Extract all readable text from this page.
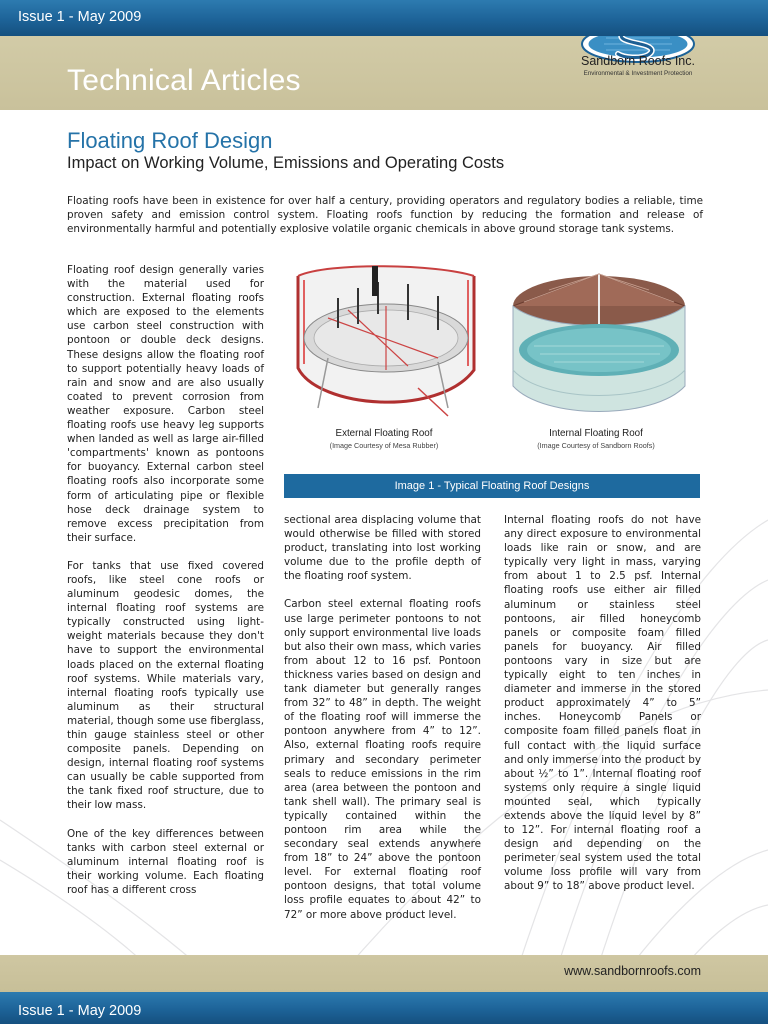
Issue 1 - May 2009
Technical Articles
Sandborn Roofs Inc.
Environmental & Investment Protection
Floating Roof Design
Impact on Working Volume, Emissions and Operating Costs
Floating roofs have been in existence for over half a century, providing operators and regulatory bodies a reliable, time proven safety and emission control system. Floating roofs function by reducing the formation and release of environmentally harmful and potentially explosive volatile organic chemicals in above ground storage tank systems.

Floating roof design generally varies with the material used for construction. External floating roofs which are exposed to the elements use carbon steel construction with pontoon or double deck designs. These designs allow the floating roof to support potentially heavy loads of rain and snow and are also usually coated to prevent corrosion from weather exposure. Carbon steel floating roofs use heavy leg supports when landed as well as large air-filled 'compartments' known as pontoons for buoyancy. External carbon steel floating roofs also incorporate some form of articulating pipe or flexible hose deck drainage system to remove excess precipitation from their surface.

For tanks that use fixed covered roofs, like steel cone roofs or aluminum geodesic domes, the internal floating roof systems are typically constructed using light-weight materials because they don't have to support the environmental loads placed on the external floating roof systems. While materials vary, internal floating roofs typically use aluminum as their structural material, though some use fiberglass, thin gauge stainless steel or other composite panels. Depending on design, internal floating roof systems can usually be cable supported from the tank fixed roof structure, due to their low mass.

One of the key differences between tanks with carbon steel external or aluminum internal floating roof is their working volume. Each floating roof has a different cross

External Floating Roof
(Image Courtesy of Mesa Rubber)
Internal Floating Roof
(Image Courtesy of Sandborn Roofs)
Image 1 - Typical Floating Roof Designs

sectional area displacing volume that would otherwise be filled with stored product, translating into lost working volume due to the profile depth of the floating roof system.

Carbon steel external floating roofs use large perimeter pontoons to not only support environmental live loads but also their own mass, which varies from about 12 to 16 psf. Pontoon thickness varies based on design and tank diameter but generally ranges from 32” to 48” in depth. The weight of the floating roof will immerse the pontoon anywhere from 4” to 12”. Also, external floating roofs require primary and secondary perimeter seals to reduce emissions in the rim area (area between the pontoon and tank shell wall). The primary seal is typically contained within the pontoon rim area while the secondary seal extends anywhere from 18” to 24” above the pontoon level. For external floating roof pontoon designs, that total volume loss profile equates to about 42” to 72” or more above product level.

Internal floating roofs do not have any direct exposure to environmental loads like rain or snow, and are typically very light in mass, varying from about 1 to 2.5 psf. Internal floating roofs use either air filled aluminum or stainless steel pontoons, air filled honeycomb panels or composite foam filled panels for buoyancy. Air filled pontoons vary in size but are typically eight to ten inches in diameter and immerse in the stored product approximately 4” to 5” inches. Honeycomb Panels or composite foam filled panels float in full contact with the liquid surface and only immerse into the product by about ½” to 1”. Internal floating roof systems only require a single liquid mounted seal, which typically extends above the liquid level by 8” to 12”. For internal floating roof a design and depending on the perimeter seal system used the total volume loss profile will vary from about 9” to 18” above product level.

www.sandbornroofs.com
Issue 1 - May 2009
